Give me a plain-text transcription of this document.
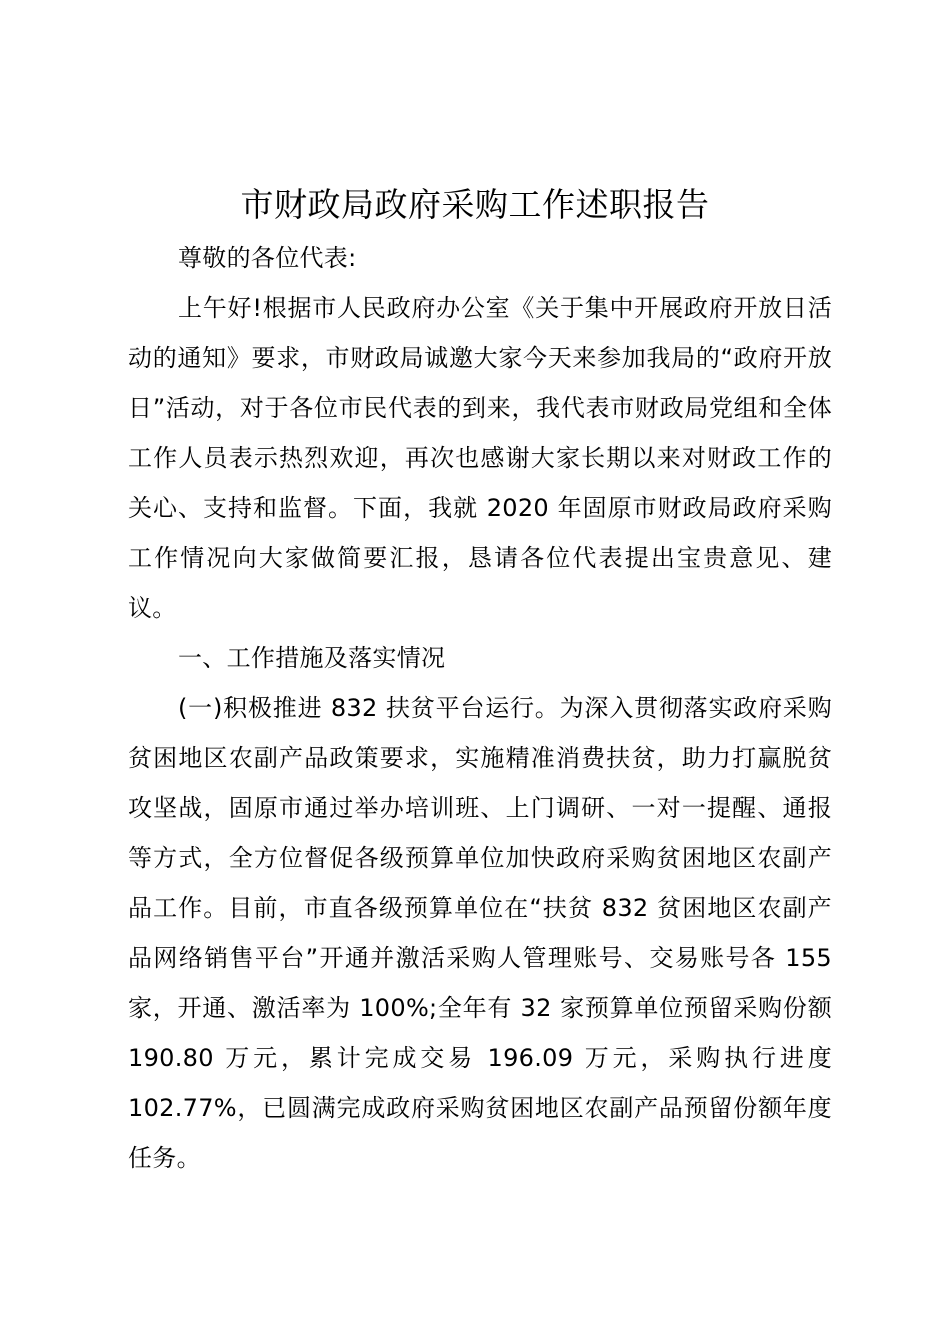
市财政局政府采购工作述职报告

尊敬的各位代表:

上午好!根据市人民政府办公室《关于集中开展政府开放日活动的通知》要求，市财政局诚邀大家今天来参加我局的“政府开放日”活动，对于各位市民代表的到来，我代表市财政局党组和全体工作人员表示热烈欢迎，再次也感谢大家长期以来对财政工作的关心、支持和监督。下面，我就 2020 年固原市财政局政府采购工作情况向大家做简要汇报，恳请各位代表提出宝贵意见、建议。

一、工作措施及落实情况

(一)积极推进 832 扶贫平台运行。为深入贯彻落实政府采购贫困地区农副产品政策要求，实施精准消费扶贫，助力打赢脱贫攻坚战，固原市通过举办培训班、上门调研、一对一提醒、通报等方式，全方位督促各级预算单位加快政府采购贫困地区农副产品工作。目前，市直各级预算单位在“扶贫 832 贫困地区农副产品网络销售平台”开通并激活采购人管理账号、交易账号各 155 家，开通、激活率为 100%;全年有 32 家预算单位预留采购份额 190.80 万元，累计完成交易 196.09 万元，采购执行进度 102.77%，已圆满完成政府采购贫困地区农副产品预留份额年度任务。
